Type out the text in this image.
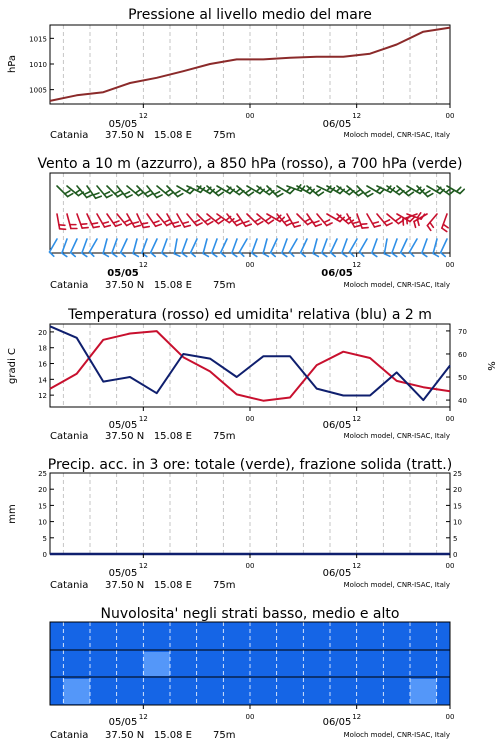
Pressione al livello medio del mare
hPa
1005
1010
1015
12	00	12	00
05/05	06/05
Catania 37.50 N   15.08 E 75m	Moloch model, CNR-ISAC, Italy
Vento a 10 m (azzurro), a 850 hPa (rosso), a 700 hPa (verde)
12	00	12	00
05/05	06/05
Catania 37.50 N   15.08 E 75m	Moloch model, CNR-ISAC, Italy
Temperatura (rosso) ed umidita' relativa (blu) a 2 m
gradi C	%
12
14
16
18
20
40
50
60
70
12	00	12	00
05/05	06/05
Catania 37.50 N   15.08 E 75m	Moloch model, CNR-ISAC, Italy
Precip. acc. in 3 ore: totale (verde), frazione solida (tratt.)
mm
0	0
5	5
10	10
15	15
20	20
25	25
12	00	12	00
05/05	06/05
Catania 37.50 N   15.08 E 75m	Moloch model, CNR-ISAC, Italy
Nuvolosita' negli strati basso, medio e alto
12	00	12	00
05/05	06/05
Catania 37.50 N   15.08 E 75m	Moloch model, CNR-ISAC, Italy
